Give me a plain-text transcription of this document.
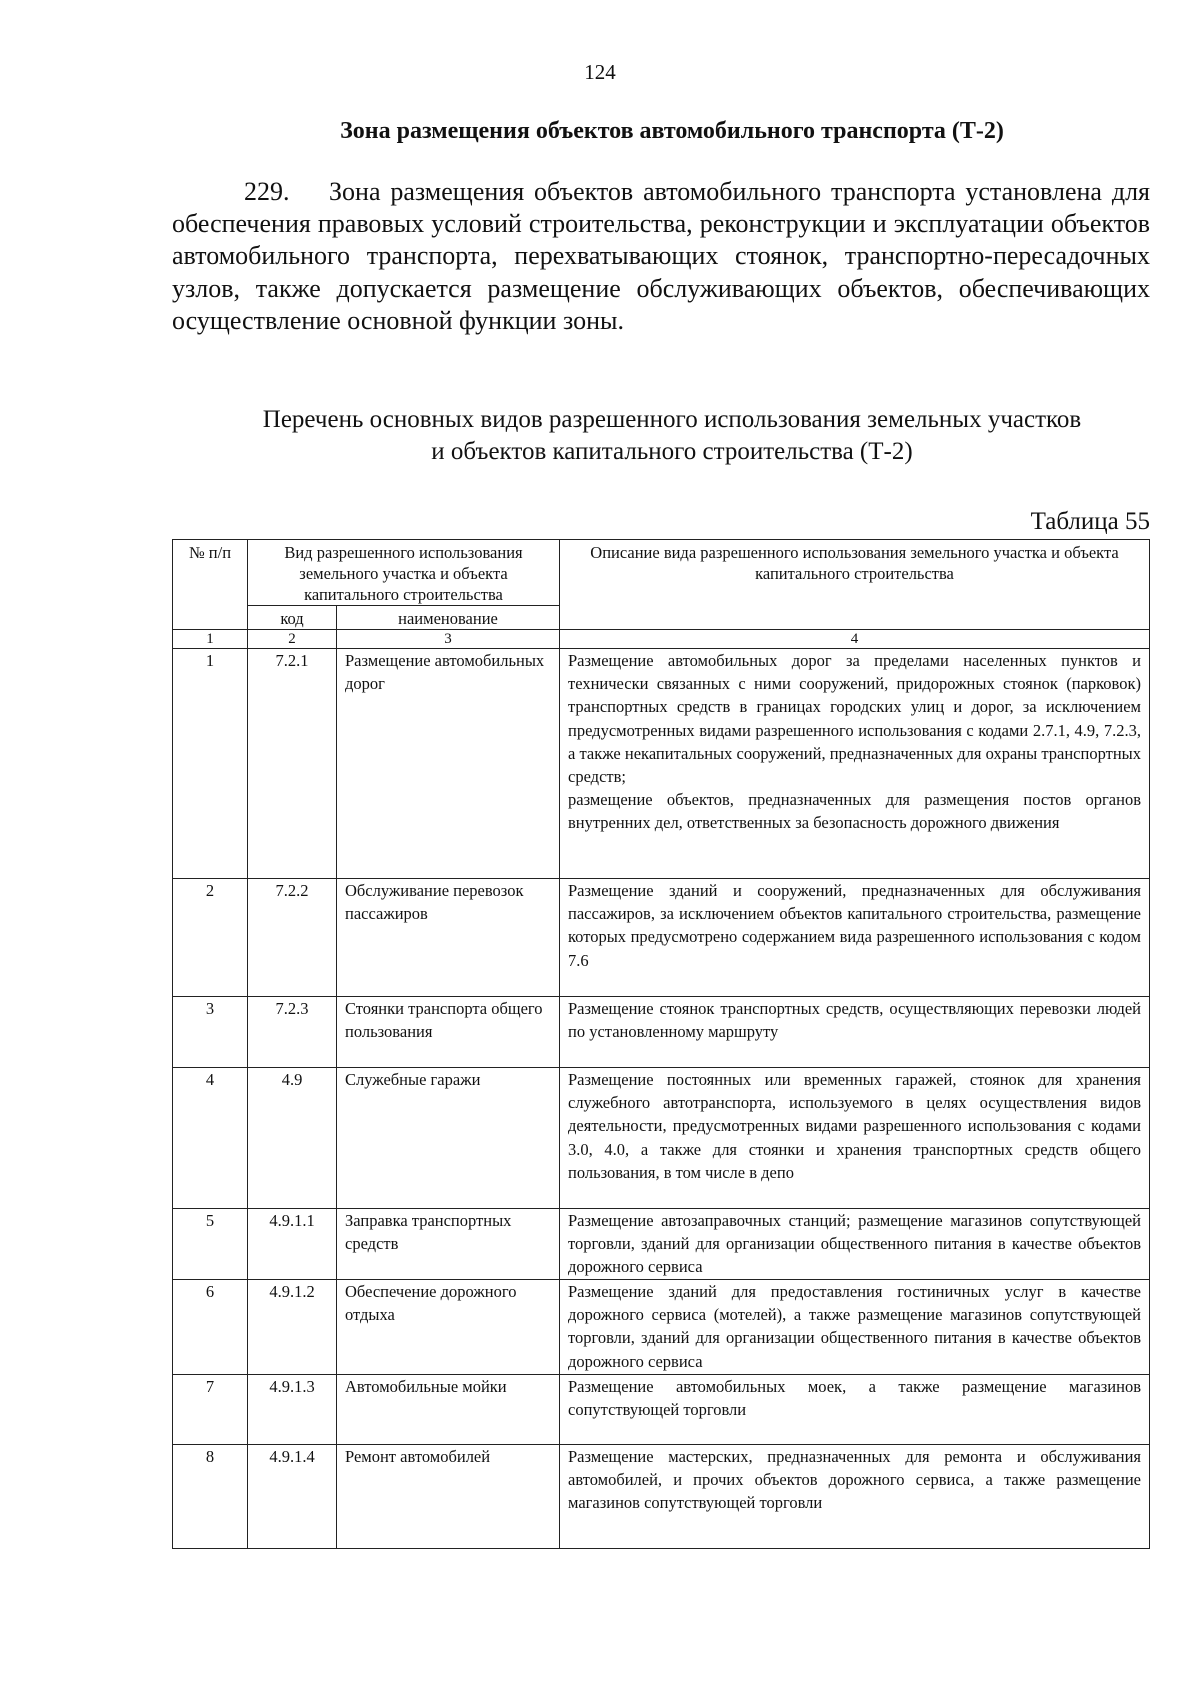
124
Зона размещения объектов автомобильного транспорта (Т-2)
229. Зона размещения объектов автомобильного транспорта установлена для обеспечения правовых условий строительства, реконструкции и эксплуатации объектов автомобильного транспорта, перехватывающих стоянок, транспортно-пересадочных узлов, также допускается размещение обслуживающих объектов, обеспечивающих осуществление основной функции зоны.
Перечень основных видов разрешенного использования земельных участков
и объектов капитального строительства (Т-2)
Таблица 55
№ п/п	Вид разрешенного использования земельного участка и объекта капитального строительства		Описание вида разрешенного использования земельного участка и объекта капитального строительства
	код	наименование	
1	2	3	4
1	7.2.1	Размещение автомобильных дорог	Размещение автомобильных дорог за пределами населенных пунктов и технически связанных с ними сооружений, придорожных стоянок (парковок) транспортных средств в границах городских улиц и дорог, за исключением предусмотренных видами разрешенного использования с кодами 2.7.1, 4.9, 7.2.3, а также некапитальных сооружений, предназначенных для охраны транспортных средств;
размещение объектов, предназначенных для размещения постов органов внутренних дел, ответственных за безопасность дорожного движения

2	7.2.2	Обслуживание перевозок пассажиров	Размещение зданий и сооружений, предназначенных для обслуживания пассажиров, за исключением объектов капитального строительства, размещение которых предусмотрено содержанием вида разрешенного использования с кодом 7.6
3	7.2.3	Стоянки транспорта общего пользования	Размещение стоянок транспортных средств, осуществляющих перевозки людей по установленному маршруту
4	4.9	Служебные гаражи	Размещение постоянных или временных гаражей, стоянок для хранения служебного автотранспорта, используемого в целях осуществления видов деятельности, предусмотренных видами разрешенного использования с кодами 3.0, 4.0, а также для стоянки и хранения транспортных средств общего пользования, в том числе в депо
5	4.9.1.1	Заправка транспортных средств	Размещение автозаправочных станций; размещение магазинов сопутствующей торговли, зданий для организации общественного питания в качестве объектов дорожного сервиса
6	4.9.1.2	Обеспечение дорожного отдыха	Размещение зданий для предоставления гостиничных услуг в качестве дорожного сервиса (мотелей), а также размещение магазинов сопутствующей торговли, зданий для организации общественного питания в качестве объектов дорожного сервиса
7	4.9.1.3	Автомобильные мойки	Размещение автомобильных моек, а также размещение магазинов сопутствующей торговли
8	4.9.1.4	Ремонт автомобилей	Размещение мастерских, предназначенных для ремонта и обслуживания автомобилей, и прочих объектов дорожного сервиса, а также размещение магазинов сопутствующей торговли
